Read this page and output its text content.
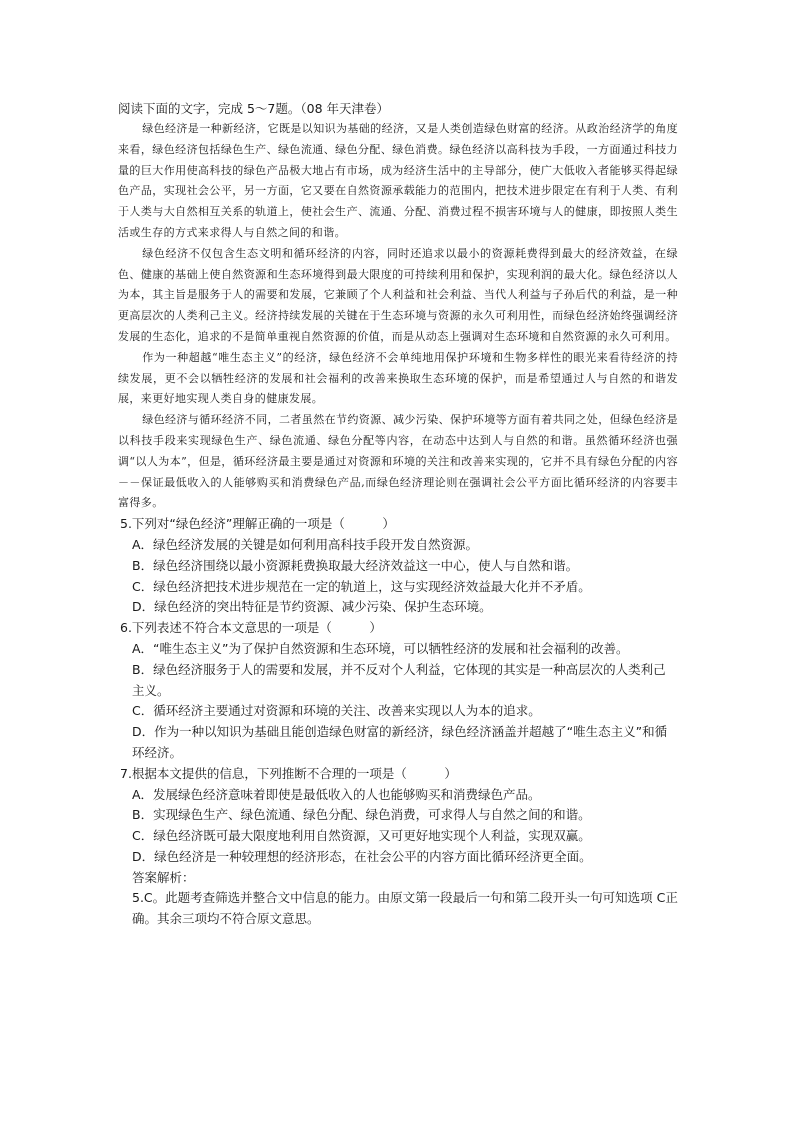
阅读下面的文字，完成 5～7题。（08 年天津卷）

绿色经济是一种新经济，它既是以知识为基础的经济，又是人类创造绿色财富的经济。从政治经济学的角度来看，绿色经济包括绿色生产、绿色流通、绿色分配、绿色消费。绿色经济以高科技为手段，一方面通过科技力量的巨大作用使高科技的绿色产品极大地占有市场，成为经济生活中的主导部分，使广大低收入者能够买得起绿色产品，实现社会公平，另一方面，它又要在自然资源承载能力的范围内，把技术进步限定在有利于人类、有利于人类与大自然相互关系的轨道上，使社会生产、流通、分配、消费过程不损害环境与人的健康，即按照人类生活或生存的方式来求得人与自然之间的和谐。

绿色经济不仅包含生态文明和循环经济的内容，同时还追求以最小的资源耗费得到最大的经济效益，在绿色、健康的基础上使自然资源和生态环境得到最大限度的可持续利用和保护，实现利润的最大化。绿色经济以人为本，其主旨是服务于人的需要和发展，它兼顾了个人利益和社会利益、当代人利益与子孙后代的利益，是一种更高层次的人类利己主义。经济持续发展的关键在于生态环境与资源的永久可利用性，而绿色经济始终强调经济发展的生态化，追求的不是简单重视自然资源的价值，而是从动态上强调对生态环境和自然资源的永久可利用。

作为一种超越“唯生态主义”的经济，绿色经济不会单纯地用保护环境和生物多样性的眼光来看待经济的持续发展，更不会以牺牲经济的发展和社会福利的改善来换取生态环境的保护，而是希望通过人与自然的和谐发展，来更好地实现人类自身的健康发展。

绿色经济与循环经济不同，二者虽然在节约资源、减少污染、保护环境等方面有着共同之处，但绿色经济是以科技手段来实现绿色生产、绿色流通、绿色分配等内容，在动态中达到人与自然的和谐。虽然循环经济也强调“以人为本”，但是，循环经济最主要是通过对资源和环境的关注和改善来实现的，它并不具有绿色分配的内容－－保证最低收入的人能够购买和消费绿色产品,而绿色经济理论则在强调社会公平方面比循环经济的内容要丰富得多。

5.下列对“绿色经济”理解正确的一项是（　　　）

A．绿色经济发展的关键是如何利用高科技手段开发自然资源。

B．绿色经济围绕以最小资源耗费换取最大经济效益这一中心，使人与自然和谐。

C．绿色经济把技术进步规范在一定的轨道上，这与实现经济效益最大化并不矛盾。

D．绿色经济的突出特征是节约资源、减少污染、保护生态环境。

6.下列表述不符合本文意思的一项是（　　　）

A．“唯生态主义”为了保护自然资源和生态环境，可以牺牲经济的发展和社会福利的改善。

B．绿色经济服务于人的需要和发展，并不反对个人利益，它体现的其实是一种高层次的人类利己主义。

C．循环经济主要通过对资源和环境的关注、改善来实现以人为本的追求。

D．作为一种以知识为基础且能创造绿色财富的新经济，绿色经济涵盖并超越了“唯生态主义”和循环经济。

7.根据本文提供的信息，下列推断不合理的一项是（　　　）

A．发展绿色经济意味着即使是最低收入的人也能够购买和消费绿色产品。

B．实现绿色生产、绿色流通、绿色分配、绿色消费，可求得人与自然之间的和谐。

C．绿色经济既可最大限度地利用自然资源，又可更好地实现个人利益，实现双赢。

D．绿色经济是一种较理想的经济形态，在社会公平的内容方面比循环经济更全面。

答案解析：

5.C。此题考查筛选并整合文中信息的能力。由原文第一段最后一句和第二段开头一句可知选项 C正确。其余三项均不符合原文意思。
